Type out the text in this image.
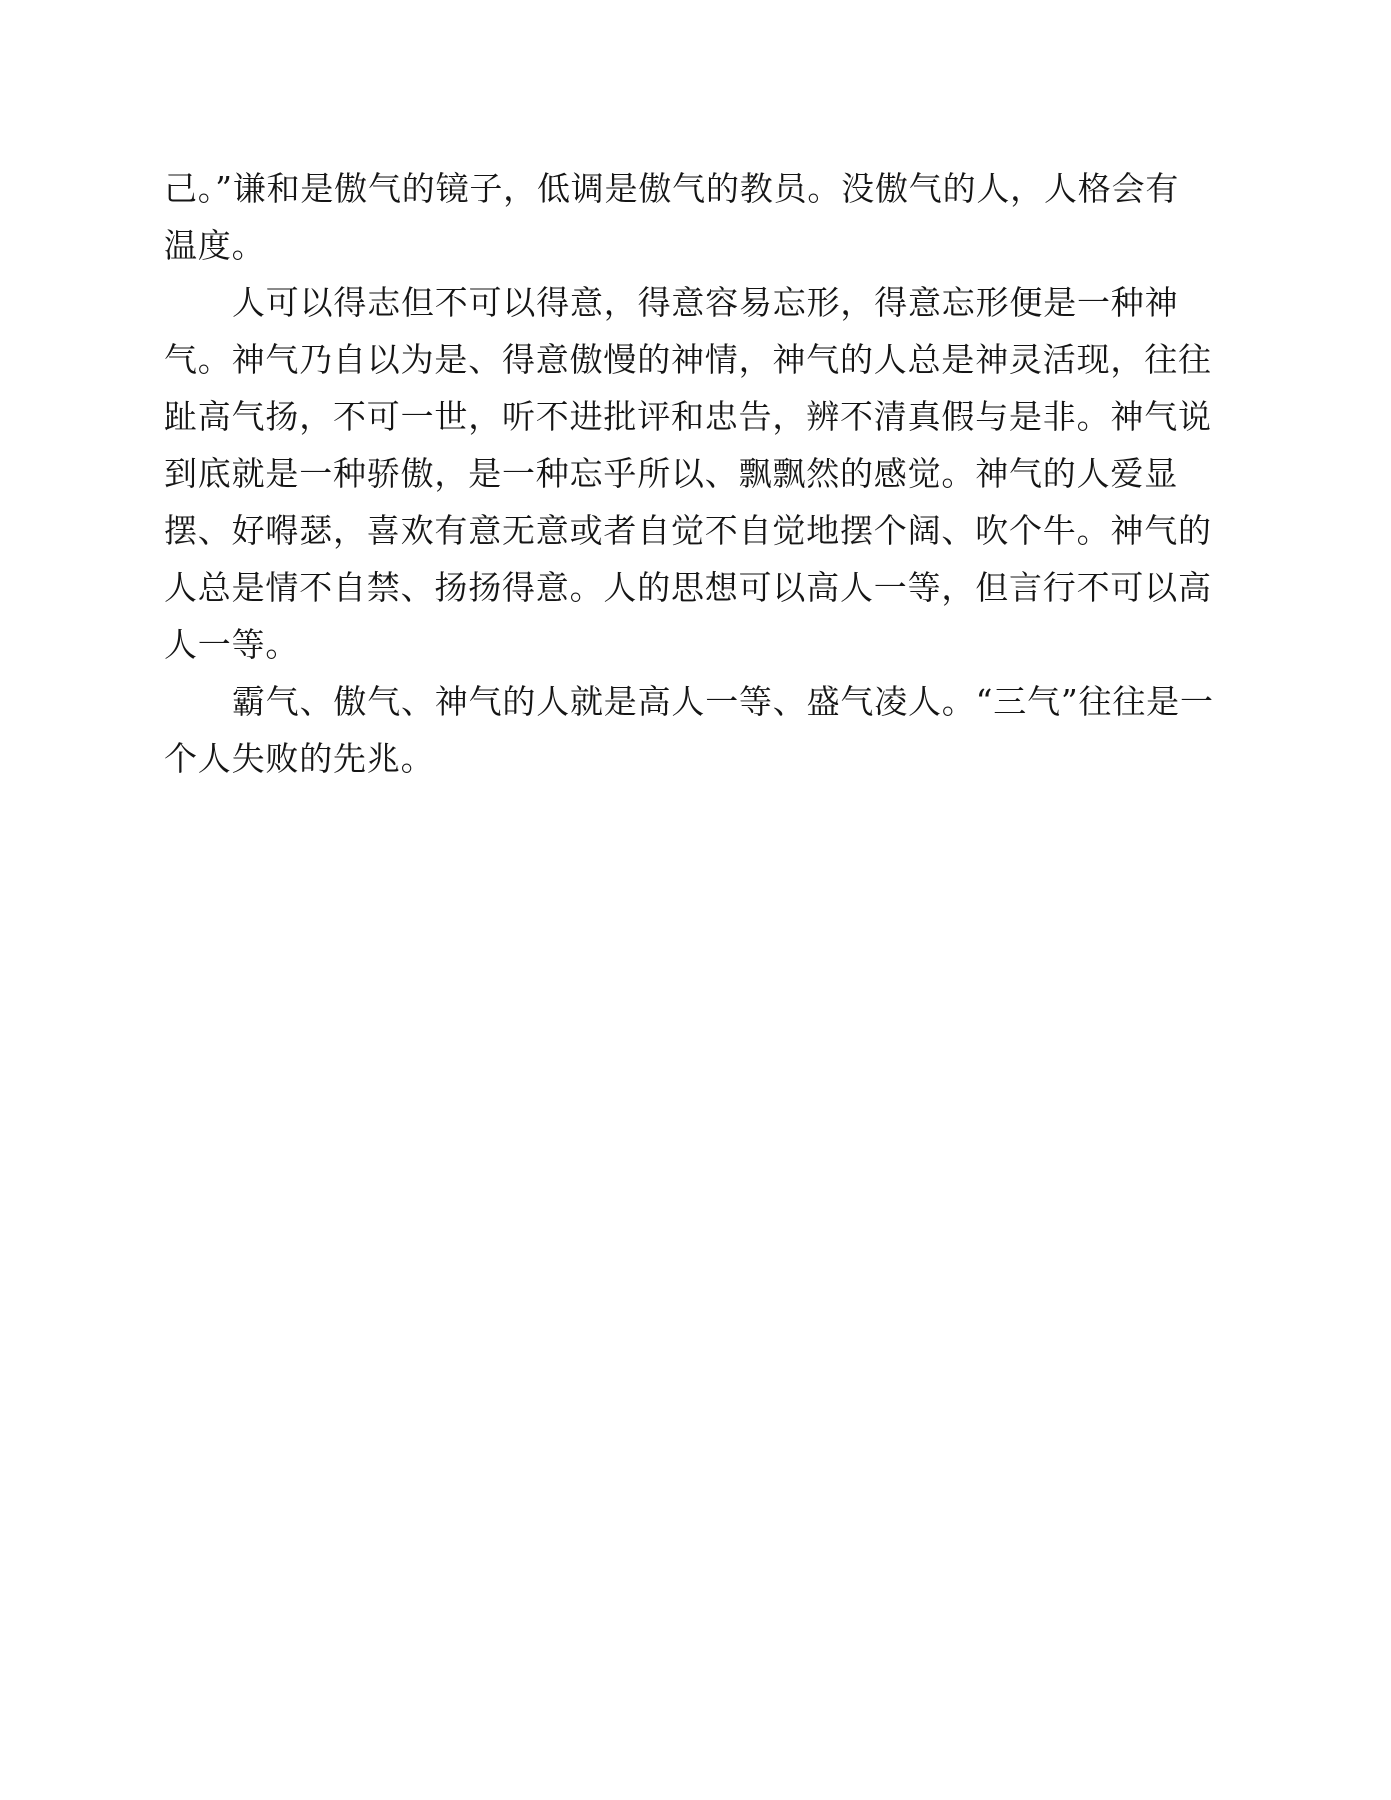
己。”谦和是傲气的镜子，低调是傲气的教员。没傲气的人，人格会有
温度。
人可以得志但不可以得意，得意容易忘形，得意忘形便是一种神
气。神气乃自以为是、得意傲慢的神情，神气的人总是神灵活现，往往
趾高气扬，不可一世，听不进批评和忠告，辨不清真假与是非。神气说
到底就是一种骄傲，是一种忘乎所以、飘飘然的感觉。神气的人爱显
摆、好嘚瑟，喜欢有意无意或者自觉不自觉地摆个阔、吹个牛。神气的
人总是情不自禁、扬扬得意。人的思想可以高人一等，但言行不可以高
人一等。
霸气、傲气、神气的人就是高人一等、盛气凌人。“三气”往往是一
个人失败的先兆。
